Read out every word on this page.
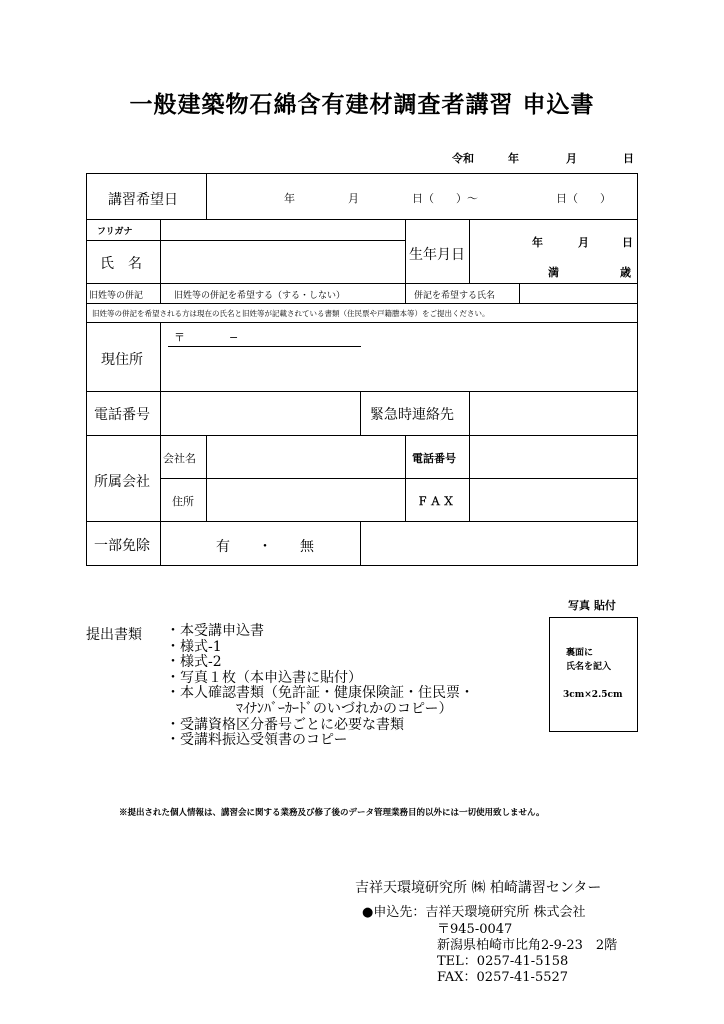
一般建築物石綿含有建材調査者講習 申込書
令和	年	月	日
講習希望日	年	月	日（　　）～	日（　　）
フリガナ
氏　名
生年月日
年	月	日
満	歳
旧姓等の併記	旧姓等の併記を希望する（する・しない）	併記を希望する氏名
旧姓等の併記を希望される方は現在の氏名と旧姓等が記載されている書類（住民票や戸籍謄本等）をご提出ください。
現住所
〒　　　　−
電話番号	緊急時連絡先
所属会社
会社名	電話番号
住所	ＦＡＸ
一部免除	有　　・　　無
写真 貼付
裏面に
氏名を記入
3cm×2.5cm
提出書類 ・本受講申込書
・様式-1
・様式-2
・写真１枚（本申込書に貼付）
・本人確認書類（免許証・健康保険証・住民票・
　　　　　ﾏｲﾅﾝﾊﾞｰｶｰﾄﾞのいづれかのコピー）
・受講資格区分番号ごとに必要な書類
・受講料振込受領書のコピー
※提出された個人情報は、講習会に関する業務及び修了後のデータ管理業務目的以外には一切使用致しません。
吉祥天環境研究所 ㈱ 柏崎講習センター
●申込先：吉祥天環境研究所 株式会社
〒945-0047
新潟県柏崎市比角2-9-23　2階
TEL：0257-41-5158
FAX：0257-41-5527
